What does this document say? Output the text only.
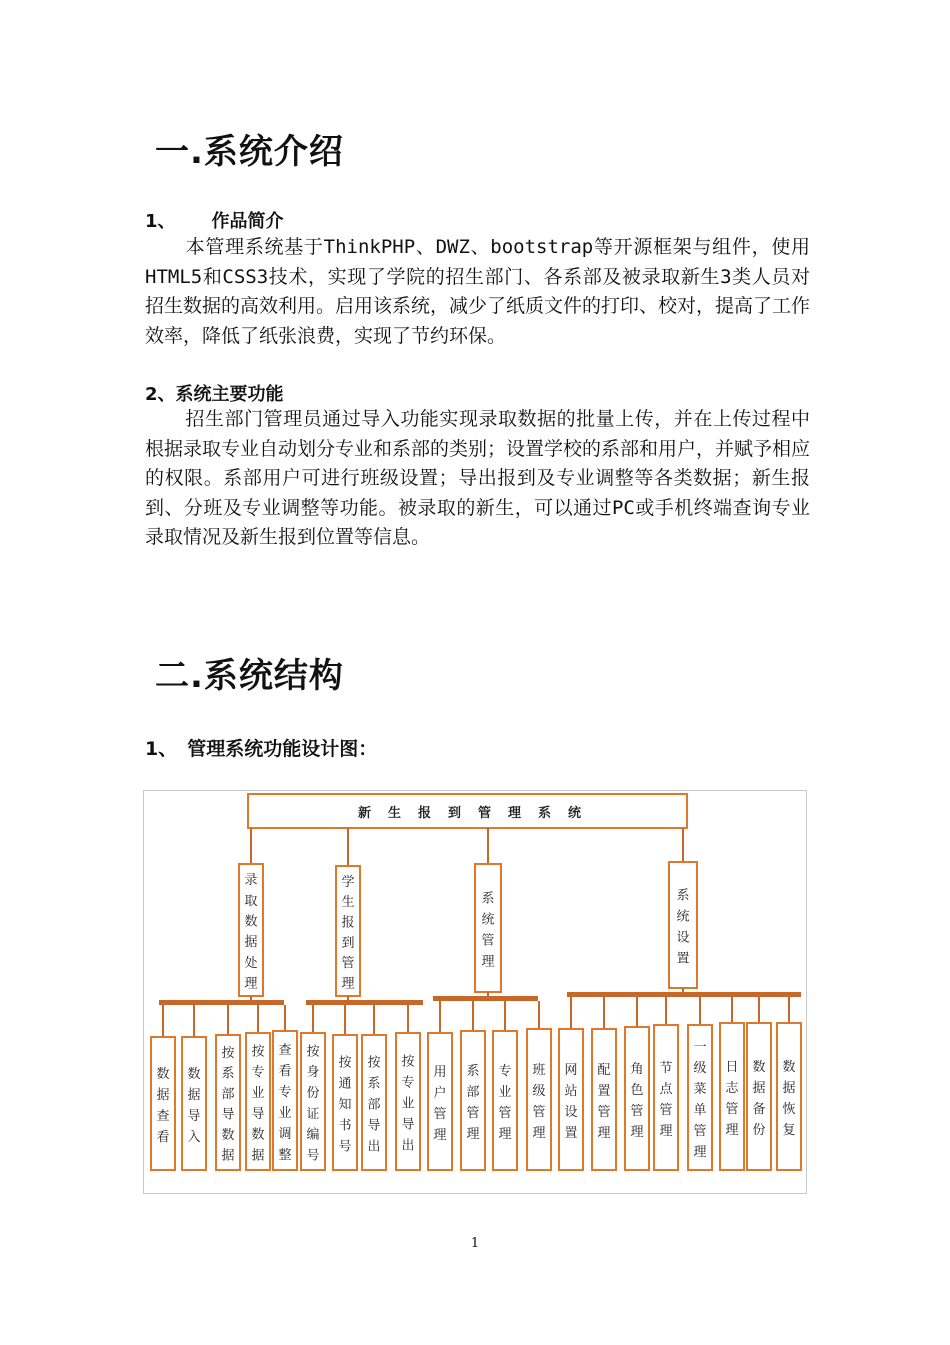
一.系统介绍
1、 作品简介

本管理系统基于ThinkPHP、DWZ、bootstrap等开源框架与组件，使用HTML5和CSS3技术，实现了学院的招生部门、各系部及被录取新生3类人员对招生数据的高效利用。启用该系统，减少了纸质文件的打印、校对，提高了工作效率，降低了纸张浪费，实现了节约环保。

2、系统主要功能

招生部门管理员通过导入功能实现录取数据的批量上传，并在上传过程中根据录取专业自动划分专业和系部的类别；设置学校的系部和用户，并赋予相应的权限。系部用户可进行班级设置；导出报到及专业调整等各类数据；新生报到、分班及专业调整等功能。被录取的新生，可以通过PC或手机终端查询专业录取情况及新生报到位置等信息。

二.系统结构
1、 管理系统功能设计图：
新生报到管理系统
录取数据处理
数据查看
数据导入
按系部导数据
按专业导数据
查看专业调整
学生报到管理
按身份证编号
按通知书号
按系部导出
按专业导出
系统管理
用户管理
系部管理
专业管理
班级管理
系统设置
网站设置
配置管理
角色管理
节点管理
一级菜单管理
日志管理
数据备份
数据恢复
1
